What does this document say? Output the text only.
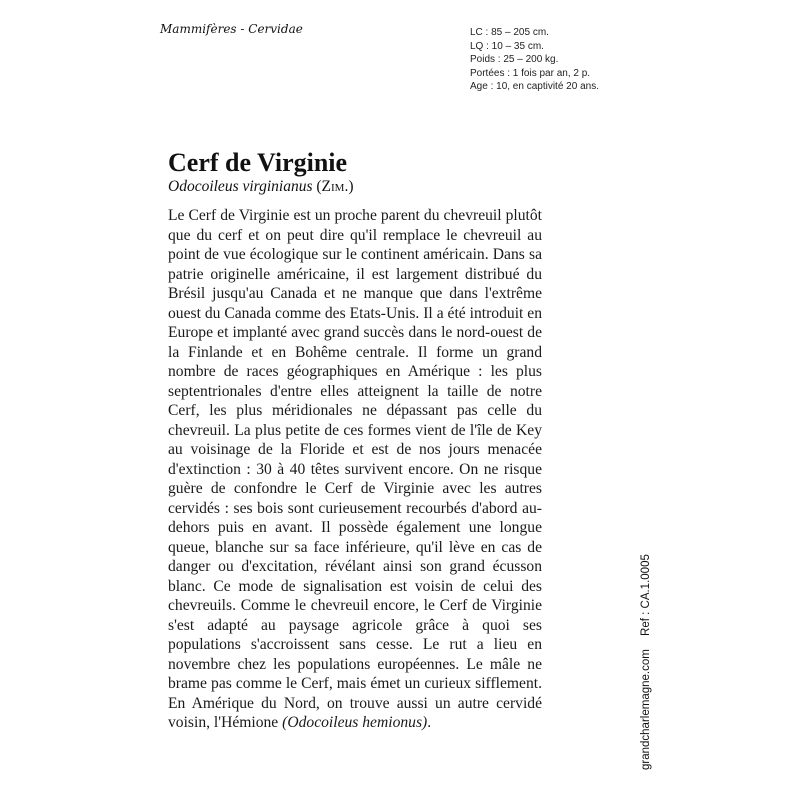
Mammifères - Cervidae	LC : 85 – 205 cm.
LQ : 10 – 35 cm.
Poids : 25 – 200 kg.
Portées : 1 fois par an, 2 p.
Age : 10, en captivité 20 ans.
Cerf de Virginie
Odocoileus virginianus (Zim.)

Le Cerf de Virginie est un proche parent du chevreuil plutôt que du cerf et on peut dire qu'il remplace le chevreuil au point de vue écologique sur le continent américain. Dans sa patrie originelle américaine, il est largement distribué du Brésil jusqu'au Canada et ne manque que dans l'extrême ouest du Canada comme des Etats-Unis. Il a été introduit en Europe et implanté avec grand succès dans le nord-ouest de la Finlande et en Bohême centrale. Il forme un grand nombre de races géographiques en Amérique : les plus septentrionales d'entre elles atteignent la taille de notre Cerf, les plus méridionales ne dépassant pas celle du chevreuil. La plus petite de ces formes vient de l'île de Key au voisinage de la Floride et est de nos jours menacée d'extinction : 30 à 40 têtes survivent encore. On ne risque guère de confondre le Cerf de Virginie avec les autres cervidés : ses bois sont curieusement recourbés d'abord au-dehors puis en avant. Il possède également une longue queue, blanche sur sa face inférieure, qu'il lève en cas de danger ou d'excitation, révélant ainsi son grand écusson blanc. Ce mode de signalisation est voisin de celui des chevreuils. Comme le chevreuil encore, le Cerf de Virginie s'est adapté au paysage agricole grâce à quoi ses populations s'accroissent sans cesse. Le rut a lieu en novembre chez les populations européennes. Le mâle ne brame pas comme le Cerf, mais émet un curieux sifflement. En Amérique du Nord, on trouve aussi un autre cervidé voisin, l'Hémione (Odocoileus hemionus).	grandcharlemagne.com Ref : CA.1.0005
